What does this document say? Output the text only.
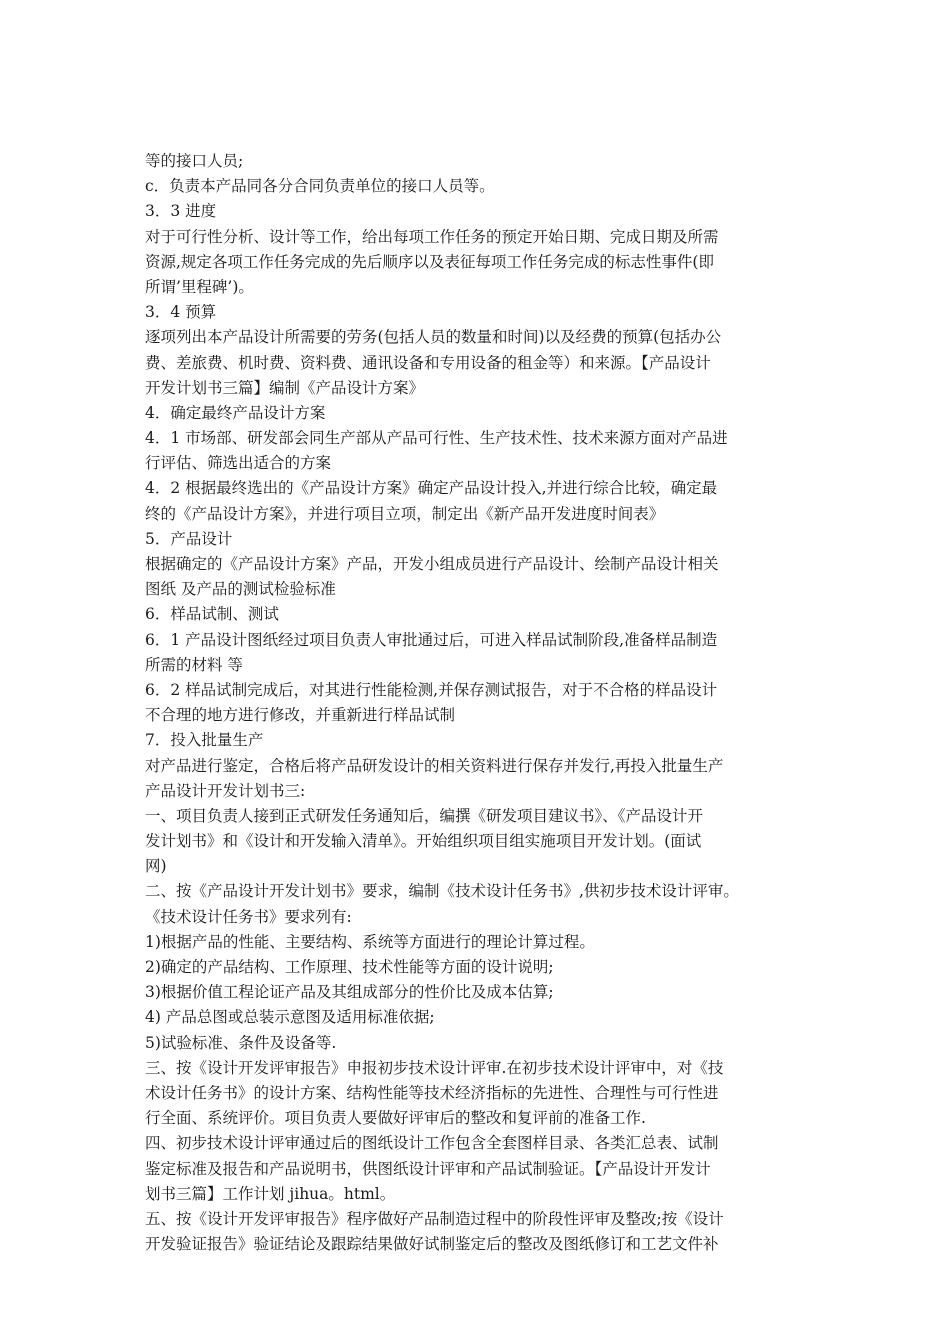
等的接口人员;
c．负责本产品同各分合同负责单位的接口人员等。
3．3 进度
对于可行性分析、设计等工作，给出每项工作任务的预定开始日期、完成日期及所需
资源,规定各项工作任务完成的先后顺序以及表征每项工作任务完成的标志性事件(即
所谓’里程碑’)。
3．4 预算
逐项列出本产品设计所需要的劳务(包括人员的数量和时间)以及经费的预算(包括办公
费、差旅费、机时费、资料费、通讯设备和专用设备的租金等）和来源。【产品设计
开发计划书三篇】编制《产品设计方案》
4．确定最终产品设计方案
4．1 市场部、研发部会同生产部从产品可行性、生产技术性、技术来源方面对产品进
行评估、筛选出适合的方案
4．2 根据最终选出的《产品设计方案》确定产品设计投入,并进行综合比较，确定最
终的《产品设计方案》，并进行项目立项，制定出《新产品开发进度时间表》
5．产品设计
根据确定的《产品设计方案》产品，开发小组成员进行产品设计、绘制产品设计相关
图纸 及产品的测试检验标准
6．样品试制、测试
6．1 产品设计图纸经过项目负责人审批通过后，可进入样品试制阶段,准备样品制造
所需的材料 等
6．2 样品试制完成后，对其进行性能检测,并保存测试报告，对于不合格的样品设计
不合理的地方进行修改，并重新进行样品试制
7．投入批量生产
对产品进行鉴定，合格后将产品研发设计的相关资料进行保存并发行,再投入批量生产
产品设计开发计划书三:
一、项目负责人接到正式研发任务通知后，编撰《研发项目建议书》、《产品设计开
发计划书》和《设计和开发输入清单》。开始组织项目组实施项目开发计划。(面试
网)
二、按《产品设计开发计划书》要求，编制《技术设计任务书》,供初步技术设计评审。
《技术设计任务书》要求列有:
1)根据产品的性能、主要结构、系统等方面进行的理论计算过程。
2)确定的产品结构、工作原理、技术性能等方面的设计说明;
3)根据价值工程论证产品及其组成部分的性价比及成本估算;
4) 产品总图或总装示意图及适用标准依据;
5)试验标准、条件及设备等.
三、按《设计开发评审报告》申报初步技术设计评审.在初步技术设计评审中，对《技
术设计任务书》的设计方案、结构性能等技术经济指标的先进性、合理性与可行性进
行全面、系统评价。项目负责人要做好评审后的整改和复评前的准备工作.
四、初步技术设计评审通过后的图纸设计工作包含全套图样目录、各类汇总表、试制
鉴定标准及报告和产品说明书，供图纸设计评审和产品试制验证。【产品设计开发计
划书三篇】工作计划 jihua。html。
五、按《设计开发评审报告》程序做好产品制造过程中的阶段性评审及整改;按《设计
开发验证报告》验证结论及跟踪结果做好试制鉴定后的整改及图纸修订和工艺文件补
